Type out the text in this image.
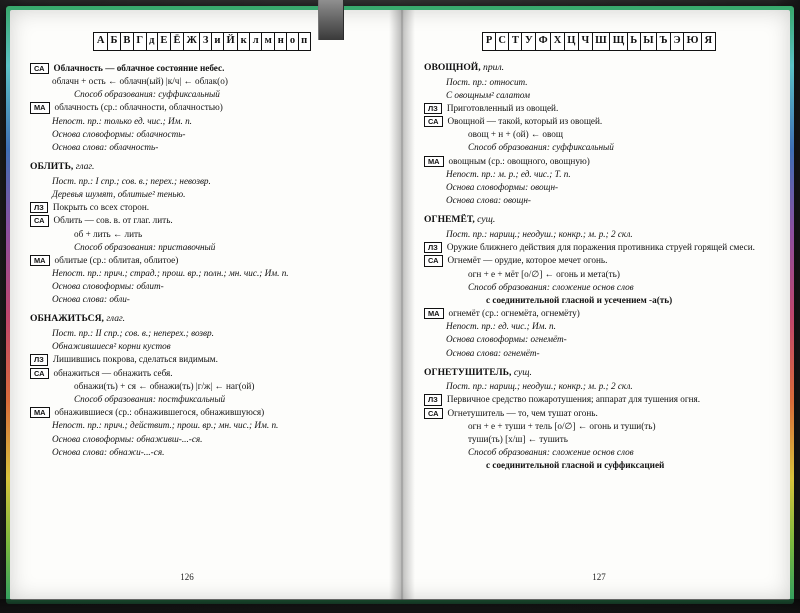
А Б В Г д Е Ё Ж З и Й к л м н о п
СА Облачность — облачное состояние небес.
облачн + ость ← облачн(ый) |к/ч| ← облак(о)
Способ образования: суффиксальный
МА облачность (ср.: облачности, облачностью)
Непост. пр.: только ед. чис.; Им. п.
Основа словоформы: облачность-
Основа слова: облачность-
ОБЛИТЬ, глаг.
Пост. пр.: I спр.; сов. в.; перех.; невозвр.
Деревья шумят, облитые² тенью.
ЛЗ Покрыть со всех сторон.
СА Облить — сов. в. от глаг. лить.
об + лить ← лить
Способ образования: приставочный
МА облитые (ср.: облитая, облитое)
Непост. пр.: прич.; страд.; прош. вр.; полн.; мн. чис.; Им. п.
Основа словоформы: облит-
Основа слова: обли-
ОБНАЖИТЬСЯ, глаг.
Пост. пр.: II спр.; сов. в.; неперех.; возвр.
Обнажившиеся² корни кустов
ЛЗ Лишившись покрова, сделаться видимым.
СА обнажиться — обнажить себя.
обнажи(ть) + ся ← обнажи(ть) |г/ж| ← наг(ой)
Способ образования: постфиксальный
МА обнажившиеся (ср.: обнажившегося, обнажившуюся)
Непост. пр.: прич.; действит.; прош. вр.; мн. чис.; Им. п.
Основа словоформы: обнаживш-...-ся.
Основа слова: обнажи-...-ся.
126
Р С Т У Ф Х Ц Ч Ш Щ Ь Ы Ъ Э Ю Я
ОВОЩНОЙ, прил.
Пост. пр.: относит.
С овощным² салатом
ЛЗ Приготовленный из овощей.
СА Овощной — такой, который из овощей.
овощ + н + (ой) ← овощ
Способ образования: суффиксальный
МА овощным (ср.: овощного, овощную)
Непост. пр.: м. р.; ед. чис.; Т. п.
Основа словоформы: овощн-
Основа слова: овощн-
ОГНЕМЁТ, сущ.
Пост. пр.: нарищ.; неодуш.; конкр.; м. р.; 2 скл.
ЛЗ Оружие ближнего действия для поражения противника струей горящей смеси.
СА Огнемёт — орудие, которое мечет огонь.
огн + е + мёт [о/∅] ← огонь и мета(ть)
Способ образования: сложение основ слов
с соединительной гласной и усечением -а(ть)
МА огнемёт (ср.: огнемёта, огнемёту)
Непост. пр.: ед. чис.; Им. п.
Основа словоформы: огнемёт-
Основа слова: огнемёт-
ОГНЕТУШИТЕЛЬ, сущ.
Пост. пр.: нарищ.; неодуш.; конкр.; м. р.; 2 скл.
ЛЗ Первичное средство пожаротушения; аппарат для тушения огня.
СА Огнетушитель — то, чем тушат огонь.
огн + е + туши + тель [о/∅] ← огонь и туши(ть)
туши(ть) [х/ш] ← тушить
Способ образования: сложение основ слов
с соединительной гласной и суффиксацией
127
